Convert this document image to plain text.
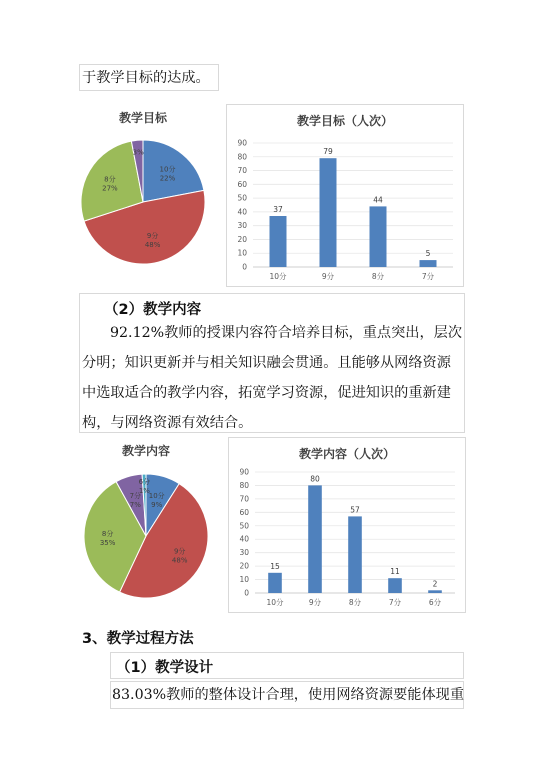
于教学目标的达成。
教学目标
10分
22%
9分
48%
8分
27%
3%
教学目标（人次）
0
10
20
30
40
50
60
70
80
90
37
10分
79
9分
44
8分
5
7分
（2）教学内容
92.12%教师的授课内容符合培养目标，重点突出，层次
分明；知识更新并与相关知识融会贯通。且能够从网络资源
中选取适合的教学内容，拓宽学习资源，促进知识的重新建
构，与网络资源有效结合。
教学内容
10分
9%
9分
48%
8分
35%
7分
7%
6分
1%
教学内容（人次）
0
10
20
30
40
50
60
70
80
90
15
10分
80
9分
57
8分
11
7分
2
6分
3、教学过程方法
（1）教学设计
83.03%教师的整体设计合理，使用网络资源要能体现重
